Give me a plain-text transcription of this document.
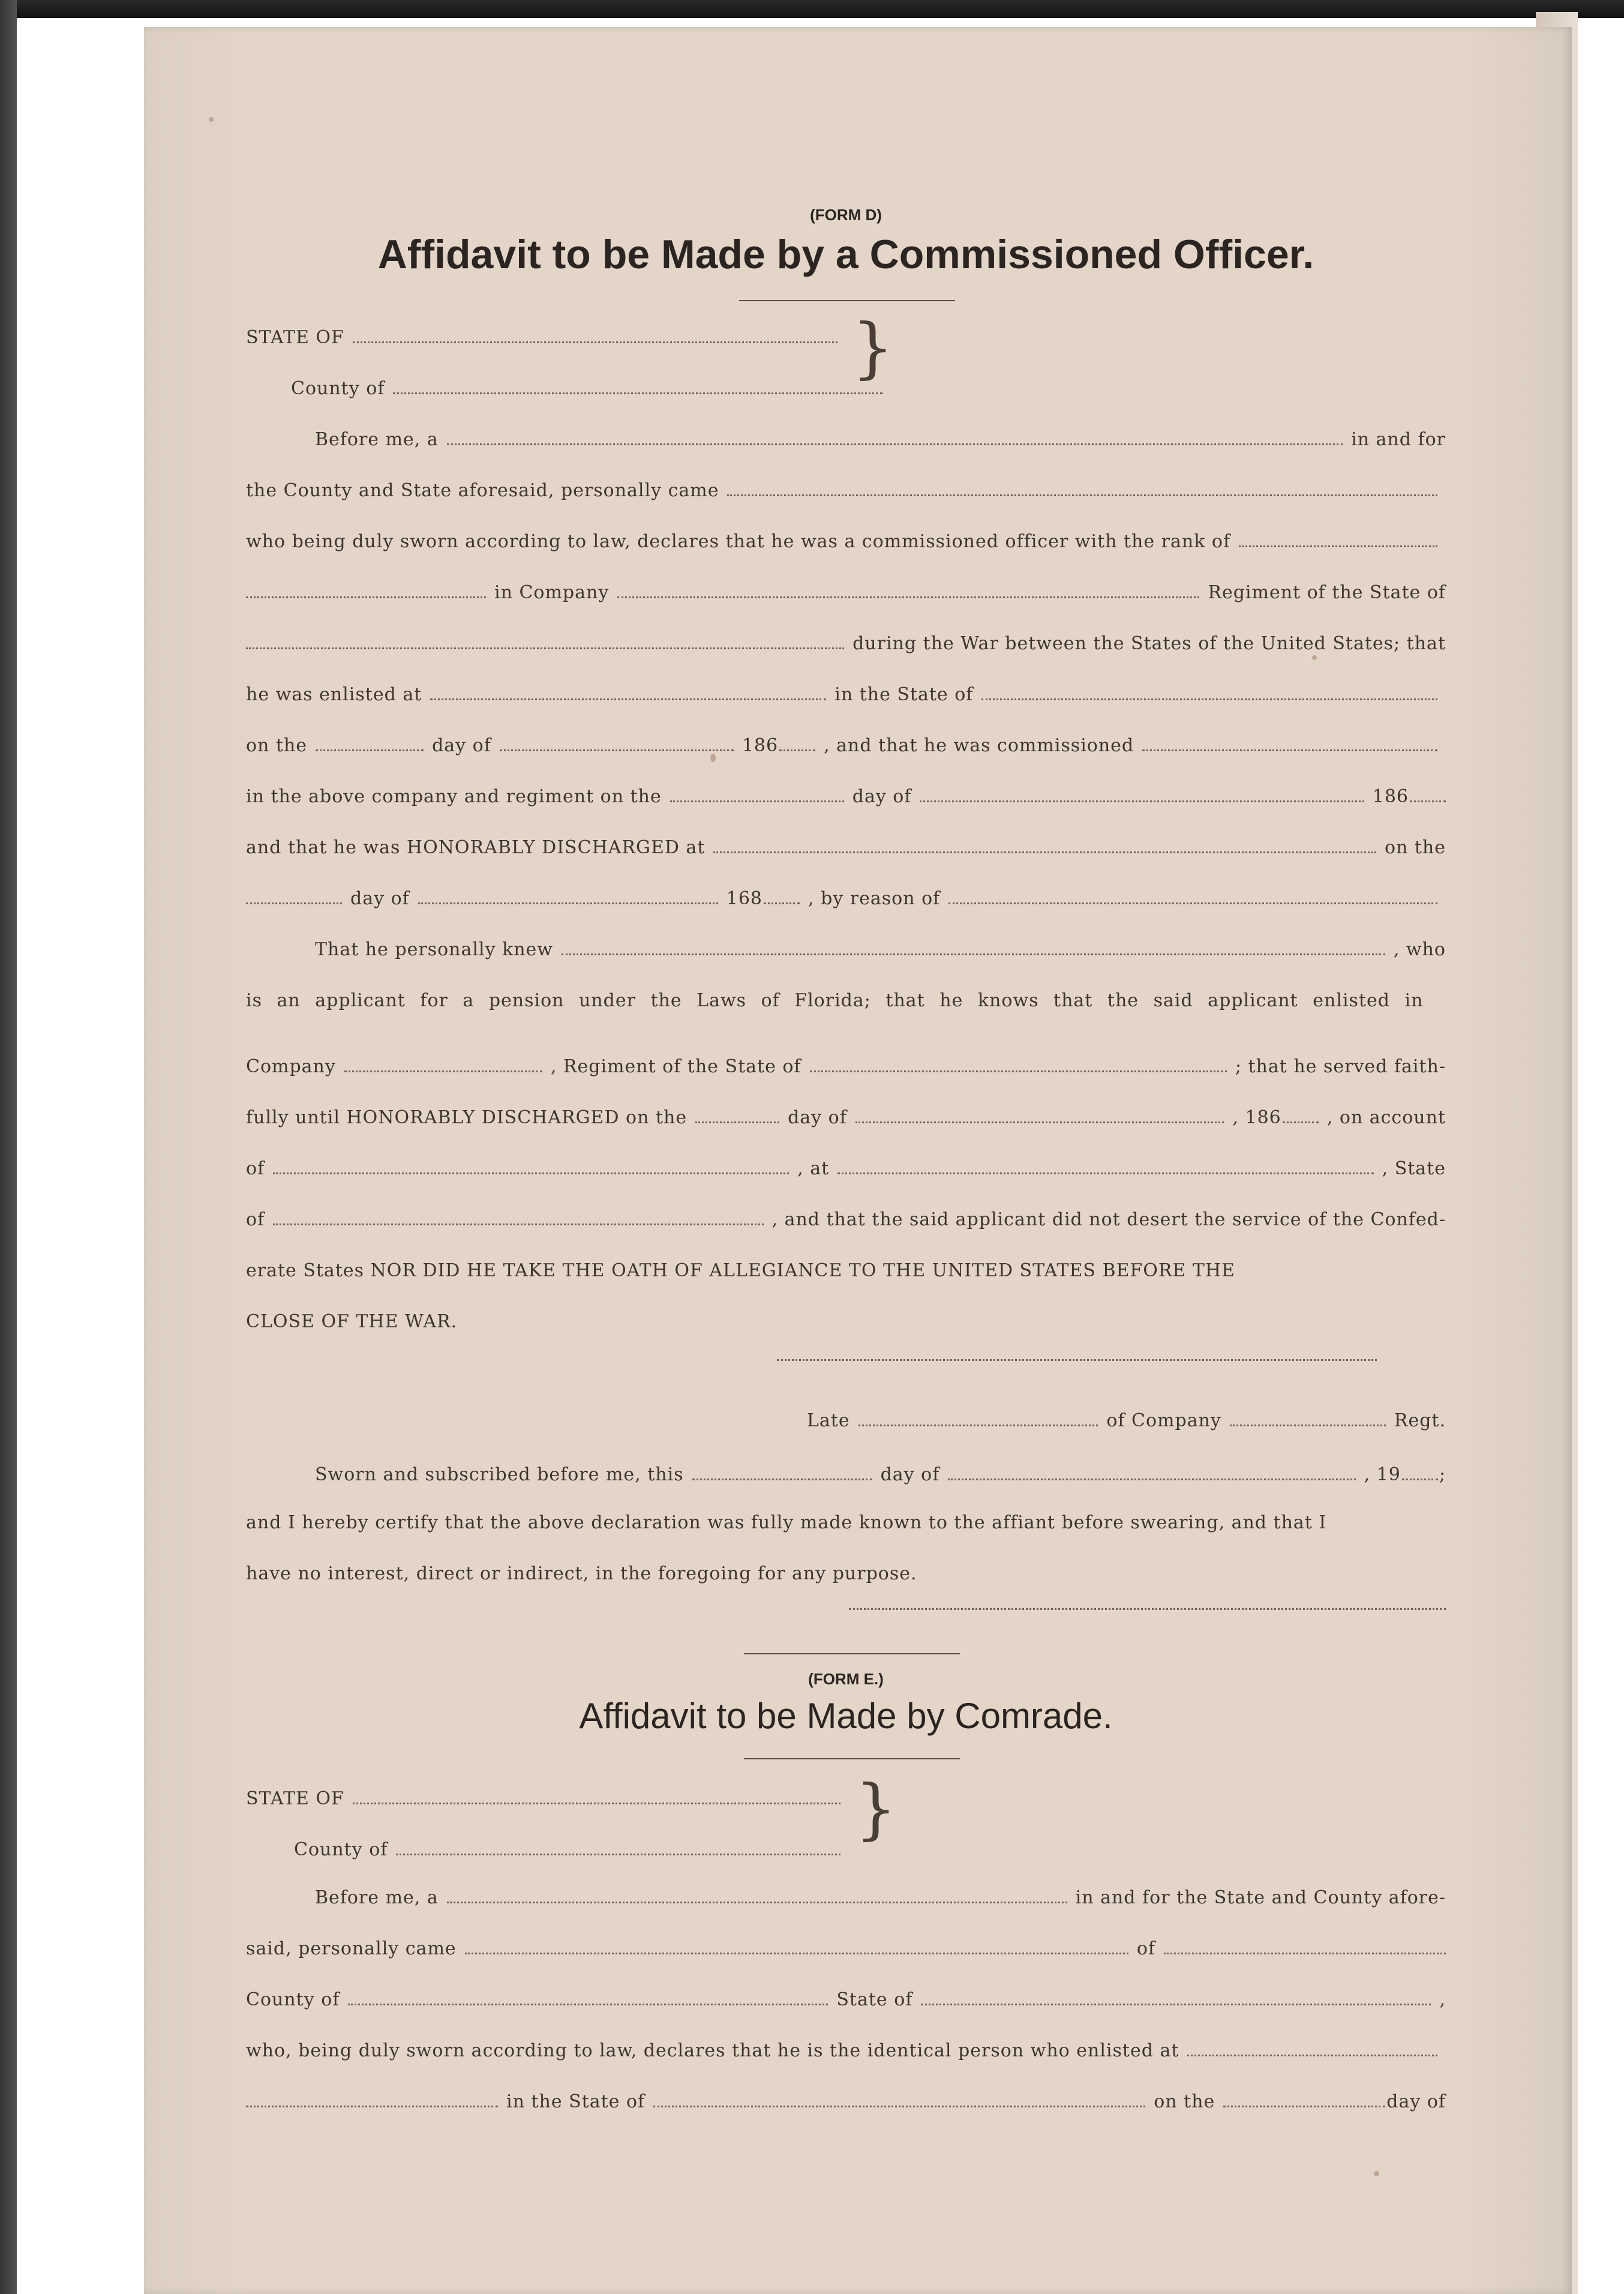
(FORM D)
Affidavit to be Made by a Commissioned Officer.
STATE OF
County of
}
Before me, a	in and for
the County and State aforesaid, personally came
who being duly sworn according to law, declares that he was a commissioned officer with the rank of
in Company	Regiment of the State of
during the War between the States of the United States; that
he was enlisted at	in the State of
on the	day of	186	, and that he was commissioned
in the above company and regiment on the	day of	186
and that he was HONORABLY DISCHARGED at	on the
day of	168	, by reason of
That he personally knew	, who
is an applicant for a pension under the Laws of Florida; that he knows that the said applicant enlisted in
Company	, Regiment of the State of	; that he served faith-
fully until HONORABLY DISCHARGED on the	day of	, 186	, on account
of	, at	, State
of	, and that the said applicant did not desert the service of the Confed-
erate States NOR DID HE TAKE THE OATH OF ALLEGIANCE TO THE UNITED STATES BEFORE THE
CLOSE OF THE WAR.
Late	of Company	Regt.
Sworn and subscribed before me, this	day of	, 19 ;
and I hereby certify that the above declaration was fully made known to the affiant before swearing, and that I
have no interest, direct or indirect, in the foregoing for any purpose.
(FORM E.)
Affidavit to be Made by Comrade.
STATE OF
County of
}
Before me, a	in and for the State and County afore-
said, personally came	of
County of	State of	,
who, being duly sworn according to law, declares that he is the identical person who enlisted at
in the State of	on the	day of
